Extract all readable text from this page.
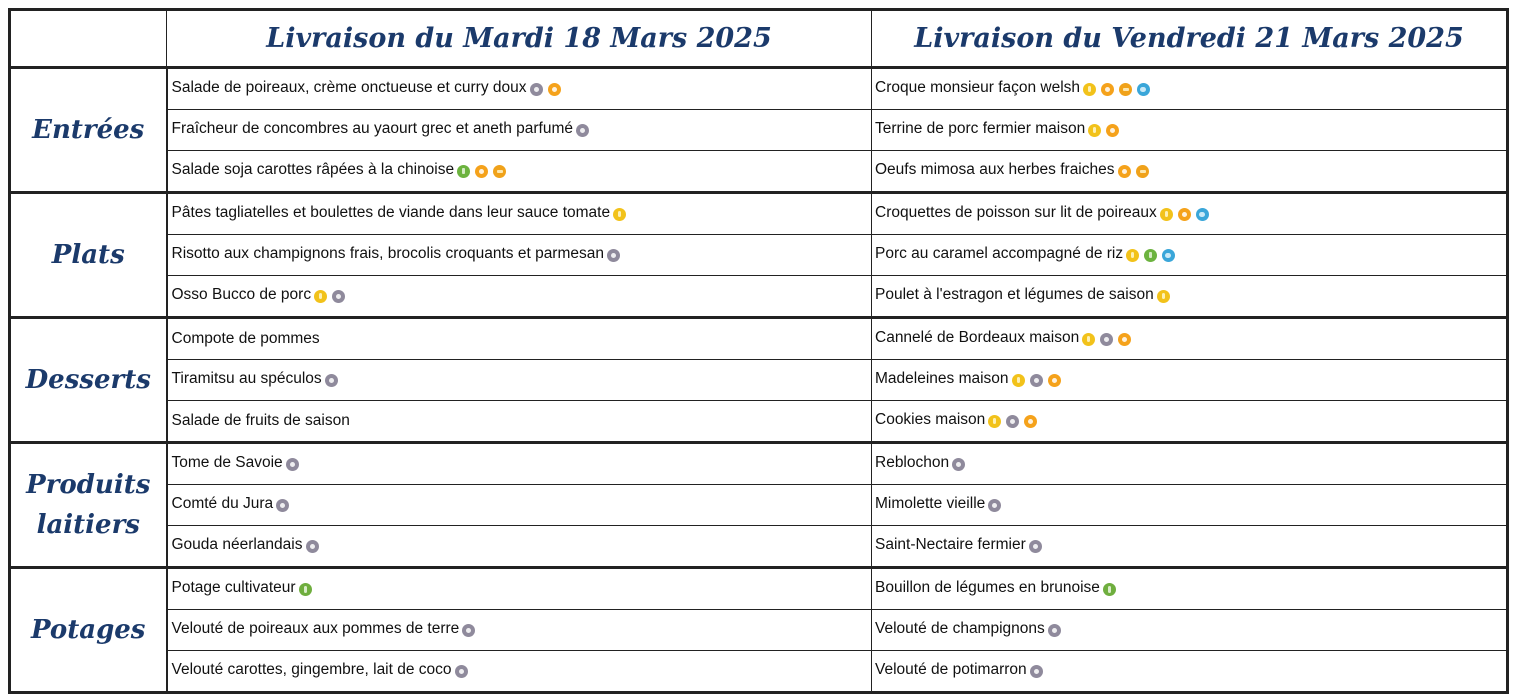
	Livraison du Mardi 18 Mars 2025	Livraison du Vendredi 21 Mars 2025
Entrées	Salade de poireaux, crème onctueuse et curry doux	Croque monsieur façon welsh
	Fraîcheur de concombres au yaourt grec et aneth parfumé	Terrine de porc fermier maison
	Salade soja carottes râpées à la chinoise	Oeufs mimosa aux herbes fraiches
Plats	Pâtes tagliatelles et boulettes de viande dans leur sauce tomate	Croquettes de poisson sur lit de poireaux
	Risotto aux champignons frais, brocolis croquants et parmesan	Porc au caramel accompagné de riz
	Osso Bucco de porc	Poulet à l'estragon et légumes de saison
Desserts	Compote de pommes	Cannelé de Bordeaux maison
	Tiramitsu au spéculos	Madeleines maison
	Salade de fruits de saison	Cookies maison
Produits laitiers	Tome de Savoie	Reblochon
	Comté du Jura	Mimolette vieille
	Gouda néerlandais	Saint-Nectaire fermier
Potages	Potage cultivateur	Bouillon de légumes en brunoise
	Velouté de poireaux aux pommes de terre	Velouté de champignons
	Velouté carottes, gingembre, lait de coco	Velouté de potimarron
